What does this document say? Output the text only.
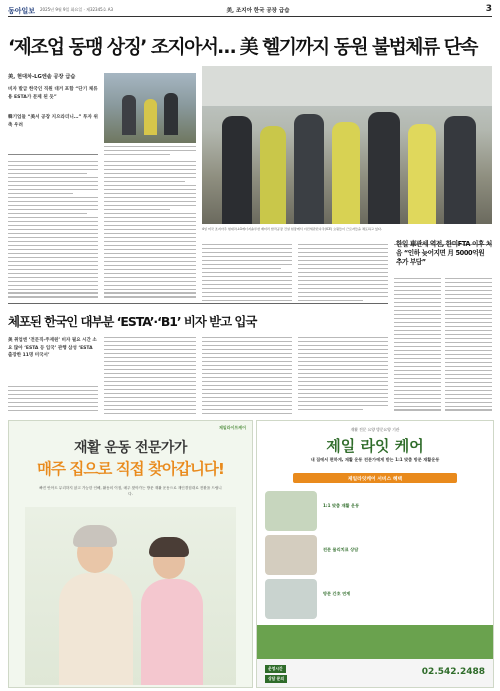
동아일보 2025년 9월 9일 화요일 · 제32345호 A3	美, 조지아 한국 공장 급습	3
‘제조업 동맹 상징’ 조지아서… 美 헬기까지 동원 불법체류 단속
美, 현대차-LG엔솔 공장 급습
비자 발급 한국인 직원 대거 포함 “단기 체류용 ESTA가 문제 된 듯”
韓기업들 “美서 공장 지으라더니…” 투자 위축 우려
4일 미국 조지아주 현대차-LG에너지솔루션 배터리 합작공장 건설 현장에서 이민세관단속국(ICE) 요원들이 근로자들을 체포하고 있다.
한일 車관세 역전, 한미FTA 이후 처음 “인하 늦어지면 月 5000억원 추가 부담”
체포된 한국인 대부분 ‘ESTA’·‘B1’ 비자 받고 입국
美 취업엔 ‘전문직-주재원’ 비자 필요 시간 소요 많아 ‘ESTA 등 입국’ 관행 삼성 ‘ESTA 출장한 11명 미국서’
제일라이프케어
재활 운동 전문가가
매주 집으로 직접 찾아갑니다!
빠진 안아도 무리하지 않고 가능한 인해, 활동의 이점, 매주 찾아가는 방문 재활 운동으로 재인경험대로 전환을 드립니다.
재활 전문 요양 방문요양 기관
제일 라잇 케어
내 집에서 편하게, 재활 운동 전문가에게 받는 1:1 맞춤 방문 재활운동
제일라잇케어 서비스 혜택
1:1 맞춤 재활 운동
전문 물리치료 상담
방문 간호 연계
운영시간
상담 문의
02.542.2488
